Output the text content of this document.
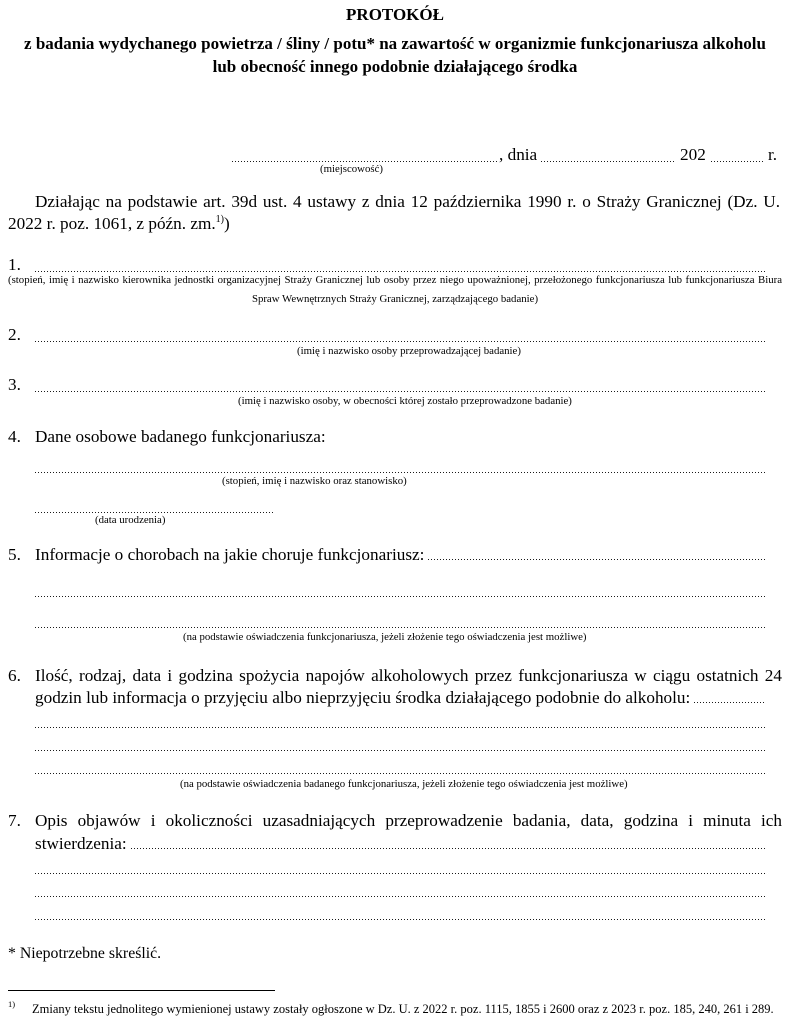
PROTOKÓŁ
z badania wydychanego powietrza / śliny / potu* na zawartość w organizmie funkcjonariusza alkoholu
lub obecność innego podobnie działającego środka
, dnia	202	r.
(miejscowość)
Działając na podstawie art. 39d ust. 4 ustawy z dnia 12 października 1990 r. o Straży Granicznej (Dz. U.
2022 r. poz. 1061, z późn. zm.$^{1)}$)
1.
(stopień, imię i nazwisko kierownika jednostki organizacyjnej Straży Granicznej lub osoby przez niego upoważnionej, przełożonego funkcjonariusza lub funkcjonariusza Biura
Spraw Wewnętrznych Straży Granicznej, zarządzającego badanie)
2.
(imię i nazwisko osoby przeprowadzającej badanie)
3.
(imię i nazwisko osoby, w obecności której zostało przeprowadzone badanie)
4. Dane osobowe badanego funkcjonariusza:
(stopień, imię i nazwisko oraz stanowisko)
(data urodzenia)
5. Informacje o chorobach na jakie choruje funkcjonariusz:
(na podstawie oświadczenia funkcjonariusza, jeżeli złożenie tego oświadczenia jest możliwe)
6. Ilość, rodzaj, data i godzina spożycia napojów alkoholowych przez funkcjonariusza w ciągu ostatnich 24
godzin lub informacja o przyjęciu albo nieprzyjęciu środka działającego podobnie do alkoholu:
(na podstawie oświadczenia badanego funkcjonariusza, jeżeli złożenie tego oświadczenia jest możliwe)
7. Opis objawów i okoliczności uzasadniających przeprowadzenie badania, data, godzina i minuta ich
stwierdzenia:
* Niepotrzebne skreślić.
1) Zmiany tekstu jednolitego wymienionej ustawy zostały ogłoszone w Dz. U. z 2022 r. poz. 1115, 1855 i 2600 oraz z 2023 r. poz. 185, 240, 261 i 289.
